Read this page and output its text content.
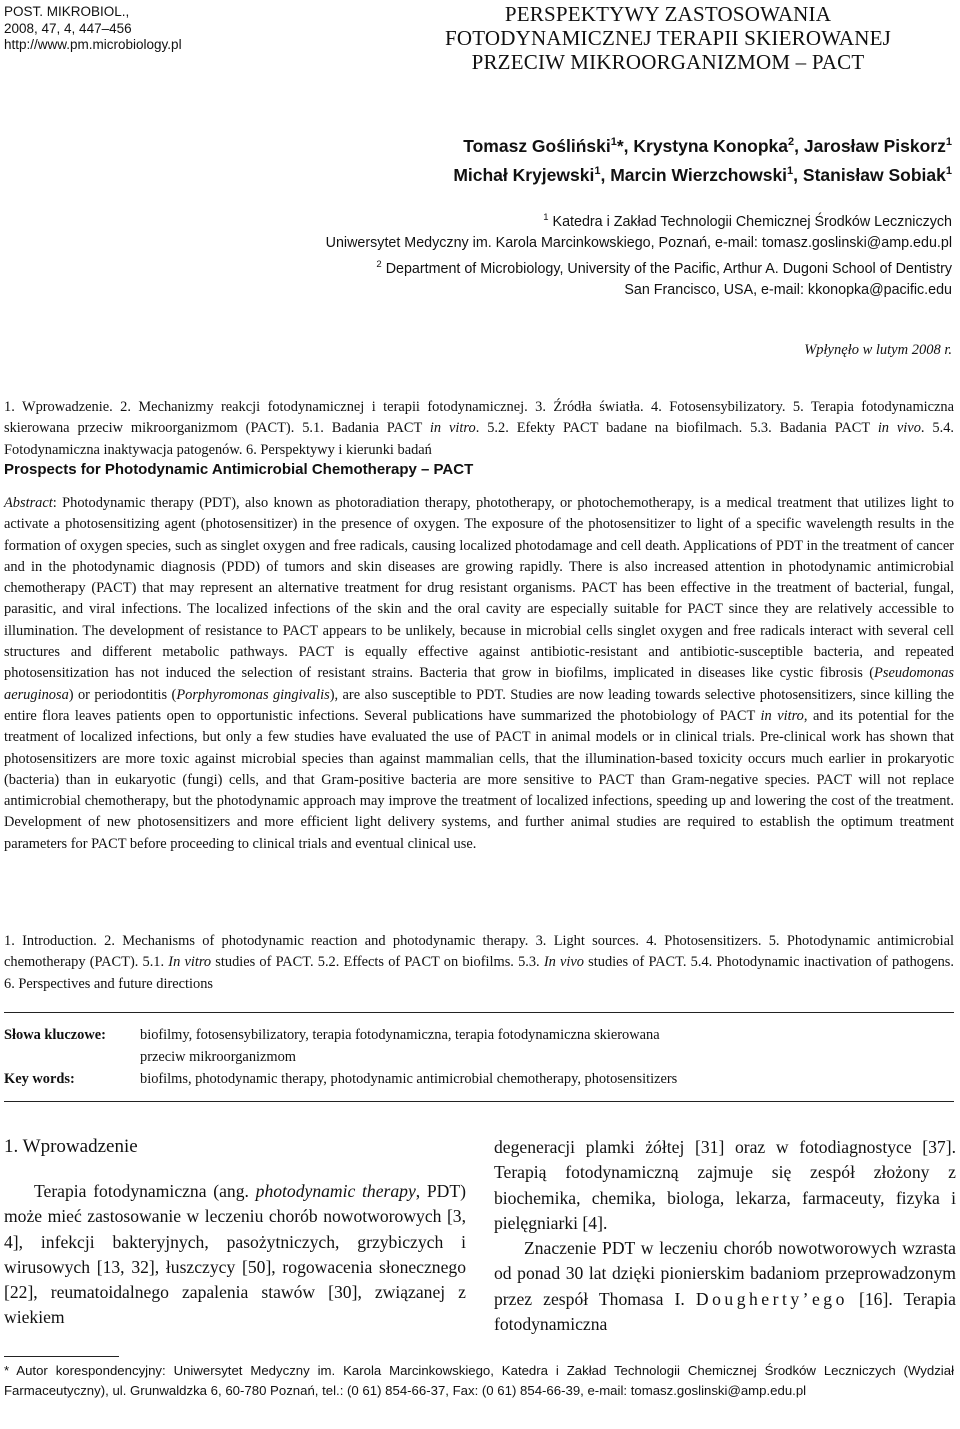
POST. MIKROBIOL.,
2008, 47, 4, 447–456
http://www.pm.microbiology.pl
PERSPEKTYWY ZASTOSOWANIA
FOTODYNAMICZNEJ TERAPII SKIEROWANEJ
PRZECIW MIKROORGANIZMOM – PACT
Tomasz Gośliński$^1$*, Krystyna Konopka$^2$, Jarosław Piskorz$^1$
Michał Kryjewski$^1$, Marcin Wierzchowski$^1$, Stanisław Sobiak$^1$
$^1$ Katedra i Zakład Technologii Chemicznej Środków Leczniczych
Uniwersytet Medyczny im. Karola Marcinkowskiego, Poznań, e-mail: tomasz.goslinski@amp.edu.pl
$^2$ Department of Microbiology, University of the Pacific, Arthur A. Dugoni School of Dentistry
San Francisco, USA, e-mail: kkonopka@pacific.edu
Wpłynęło w lutym 2008 r.
1. Wprowadzenie. 2. Mechanizmy reakcji fotodynamicznej i terapii fotodynamicznej. 3. Źródła światła. 4. Fotosensybilizatory. 5. Terapia fotodynamiczna skierowana przeciw mikroorganizmom (PACT). 5.1. Badania PACT in vitro. 5.2. Efekty PACT badane na biofilmach. 5.3. Badania PACT in vivo. 5.4. Fotodynamiczna inaktywacja patogenów. 6. Perspektywy i kierunki badań
Prospects for Photodynamic Antimicrobial Chemotherapy – PACT
Abstract: Photodynamic therapy (PDT), also known as photoradiation therapy, phototherapy, or photochemotherapy, is a medical treatment that utilizes light to activate a photosensitizing agent (photosensitizer) in the presence of oxygen. The exposure of the photosensitizer to light of a specific wavelength results in the formation of oxygen species, such as singlet oxygen and free radicals, causing localized photodamage and cell death. Applications of PDT in the treatment of cancer and in the photodynamic diagnosis (PDD) of tumors and skin diseases are growing rapidly. There is also increased attention in photodynamic antimicrobial chemotherapy (PACT) that may represent an alternative treatment for drug resistant organisms. PACT has been effective in the treatment of bacterial, fungal, parasitic, and viral infections. The localized infections of the skin and the oral cavity are especially suitable for PACT since they are relatively accessible to illumination. The development of resistance to PACT appears to be unlikely, because in microbial cells singlet oxygen and free radicals interact with several cell structures and different metabolic pathways. PACT is equally effective against antibiotic-resistant and antibiotic-susceptible bacteria, and repeated photosensitization has not induced the selection of resistant strains. Bacteria that grow in biofilms, implicated in diseases like cystic fibrosis (Pseudomonas aeruginosa) or periodontitis (Porphyromonas gingivalis), are also susceptible to PDT. Studies are now leading towards selective photosensitizers, since killing the entire flora leaves patients open to opportunistic infections. Several publications have summarized the photobiology of PACT in vitro, and its potential for the treatment of localized infections, but only a few studies have evaluated the use of PACT in animal models or in clinical trials. Pre-clinical work has shown that photosensitizers are more toxic against microbial species than against mammalian cells, that the illumination-based toxicity occurs much earlier in prokaryotic (bacteria) than in eukaryotic (fungi) cells, and that Gram-positive bacteria are more sensitive to PACT than Gram-negative species. PACT will not replace antimicrobial chemotherapy, but the photodynamic approach may improve the treatment of localized infections, speeding up and lowering the cost of the treatment. Development of new photosensitizers and more efficient light delivery systems, and further animal studies are required to establish the optimum treatment parameters for PACT before proceeding to clinical trials and eventual clinical use.
1. Introduction. 2. Mechanisms of photodynamic reaction and photodynamic therapy. 3. Light sources. 4. Photosensitizers. 5. Photodynamic antimicrobial chemotherapy (PACT). 5.1. In vitro studies of PACT. 5.2. Effects of PACT on biofilms. 5.3. In vivo studies of PACT. 5.4. Photodynamic inactivation of pathogens. 6. Perspectives and future directions
Słowa kluczowe: biofilmy, fotosensybilizatory, terapia fotodynamiczna, terapia fotodynamiczna skierowana
przeciw mikroorganizmom
Key words:	biofilms, photodynamic therapy, photodynamic antimicrobial chemotherapy, photosensitizers
1. Wprowadzenie

Terapia fotodynamiczna (ang. photodynamic therapy, PDT) może mieć zastosowanie w leczeniu chorób nowotworowych [3, 4], infekcji bakteryjnych, pasożytniczych, grzybiczych i wirusowych [13, 32], łuszczycy [50], rogowacenia słonecznego [22], reumatoidalnego zapalenia stawów [30], związanej z wiekiem

degeneracji plamki żółtej [31] oraz w fotodiagnostyce [37]. Terapią fotodynamiczną zajmuje się zespół złożony z biochemika, chemika, biologa, lekarza, farmaceuty, fizyka i pielęgniarki [4].

Znaczenie PDT w leczeniu chorób nowotworowych wzrasta od ponad 30 lat dzięki pionierskim badaniom przeprowadzonym przez zespół Thomasa I. Dougherty’ego [16]. Terapia fotodynamiczna

* Autor korespondencyjny: Uniwersytet Medyczny im. Karola Marcinkowskiego, Katedra i Zakład Technologii Chemicznej Środków Leczniczych (Wydział Farmaceutyczny), ul. Grunwaldzka 6, 60-780 Poznań, tel.: (0 61) 854-66-37, Fax: (0 61) 854-66-39, e-mail: tomasz.goslinski@amp.edu.pl
